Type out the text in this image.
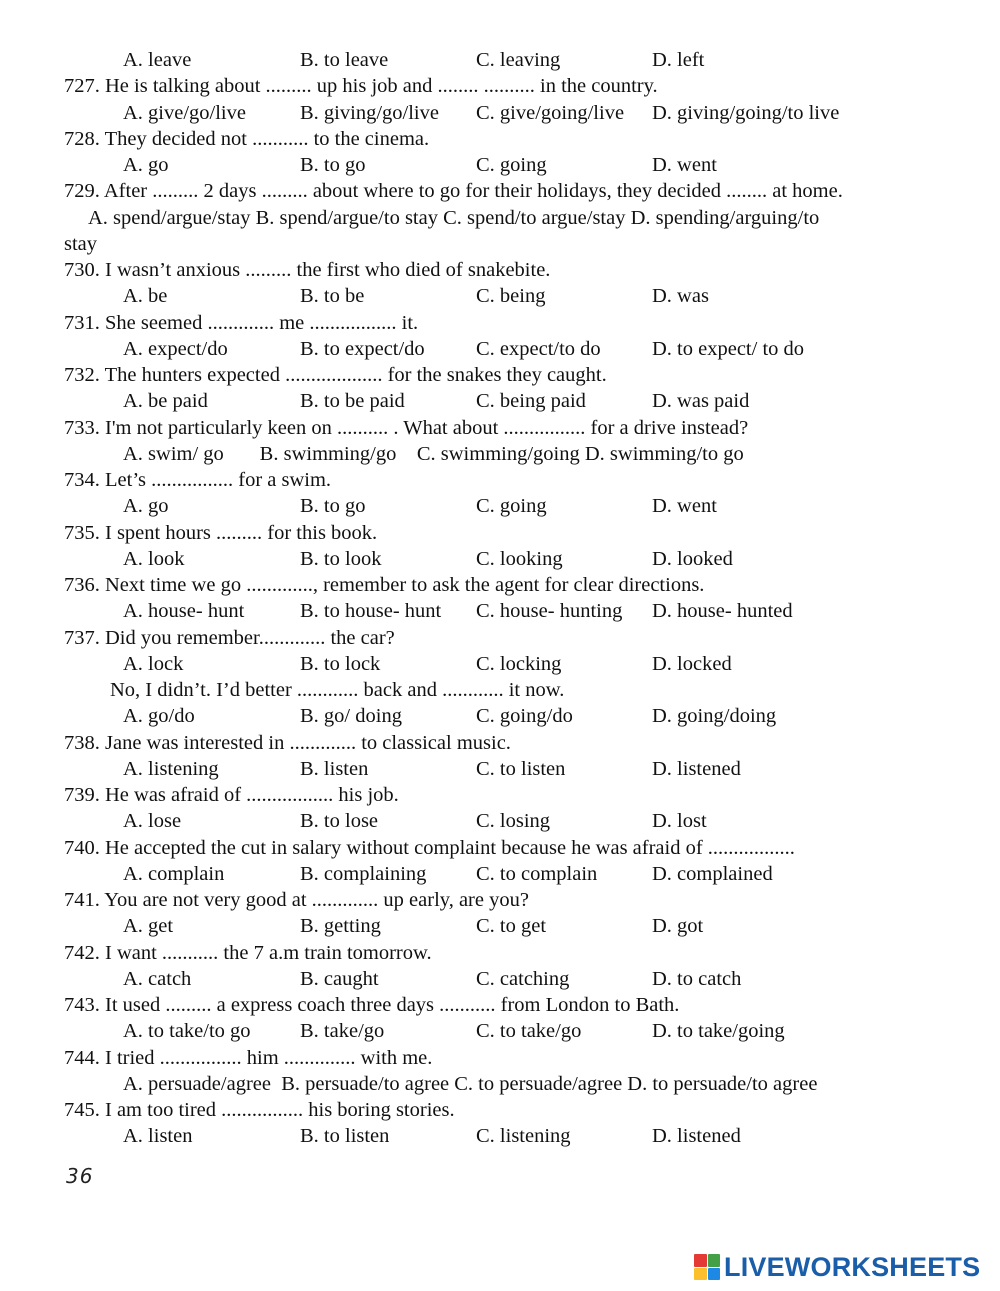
A. leave	B. to leave	C. leaving	D. left
727. He is talking about ......... up his job and ........ .......... in the country.
A. give/go/live	B. giving/go/live C. give/going/live D. giving/going/to live
728. They decided not ........... to the cinema.
A. go	B. to go	C. going	D. went
729. After ......... 2 days ......... about where to go for their holidays, they decided ........ at home.
A. spend/argue/stay B. spend/argue/to stay C. spend/to argue/stay D. spending/arguing/to
stay
730. I wasn’t anxious ......... the first who died of snakebite.
A. be	B. to be	C. being	D. was
731. She seemed ............. me ................. it.
A. expect/do	B. to expect/do	C. expect/to do	D. to expect/ to do
732. The hunters expected ................... for the snakes they caught.
A. be paid	B. to be paid	C. being paid	D. was paid
733. I'm not particularly keen on .......... . What about ................ for a drive instead?
A. swim/ go       B. swimming/go    C. swimming/going D. swimming/to go
734. Let’s ................ for a swim.
A. go	B. to go	C. going	D. went
735. I spent hours ......... for this book.
A. look	B. to look	C. looking	D. looked
736. Next time we go ............., remember to ask the agent for clear directions.
A. house- hunt	B. to house- hunt C. house- hunting D. house- hunted
737. Did you remember............. the car?
A. lock	B. to lock	C. locking	D. locked
No, I didn’t. I’d better ............ back and ............ it now.
A. go/do	B. go/ doing	C. going/do	D. going/doing
738. Jane was interested in ............. to classical music.
A. listening	B. listen	C. to listen	D. listened
739. He was afraid of ................. his job.
A. lose	B. to lose	C. losing	D. lost
740. He accepted the cut in salary without complaint because he was afraid of .................
A. complain	B. complaining C. to complain	D. complained
741. You are not very good at ............. up early, are you?
A. get	B. getting	C. to get	D. got
742. I want ........... the 7 a.m train tomorrow.
A. catch	B. caught	C. catching	D. to catch
743. It used ......... a express coach three days ........... from London to Bath.
A. to take/to go B. take/go	C. to take/go	D. to take/going
744. I tried ................ him .............. with me.
A. persuade/agree  B. persuade/to agree C. to persuade/agree D. to persuade/to agree
745. I am too tired ................ his boring stories.
A. listen	B. to listen	C. listening	D. listened
36
LIVEWORKSHEETS
